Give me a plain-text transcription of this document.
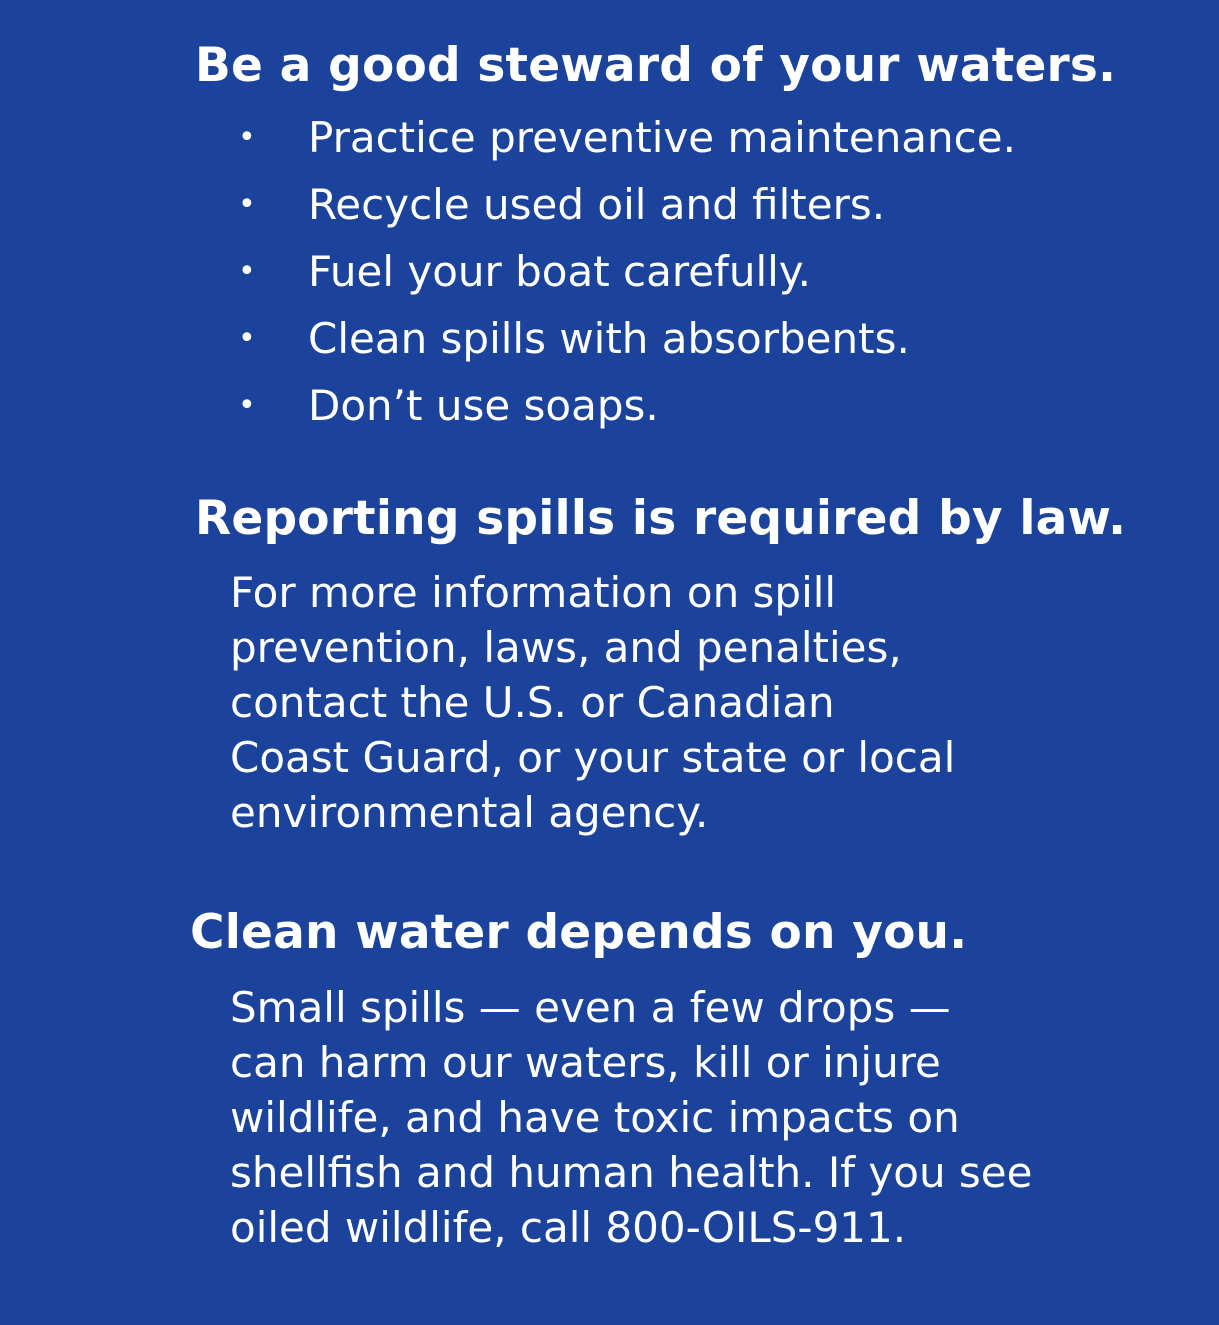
Be a good steward of your waters.
• Practice preventive maintenance.
• Recycle used oil and filters.
• Fuel your boat carefully.
• Clean spills with absorbents.
• Don’t use soaps.
Reporting spills is required by law.

For more information on spill
prevention, laws, and penalties,
contact the U.S. or Canadian
Coast Guard, or your state or local
environmental agency.

Clean water depends on you.

Small spills — even a few drops —
can harm our waters, kill or injure
wildlife, and have toxic impacts on
shellfish and human health. If you see
oiled wildlife, call 800-OILS-911.
